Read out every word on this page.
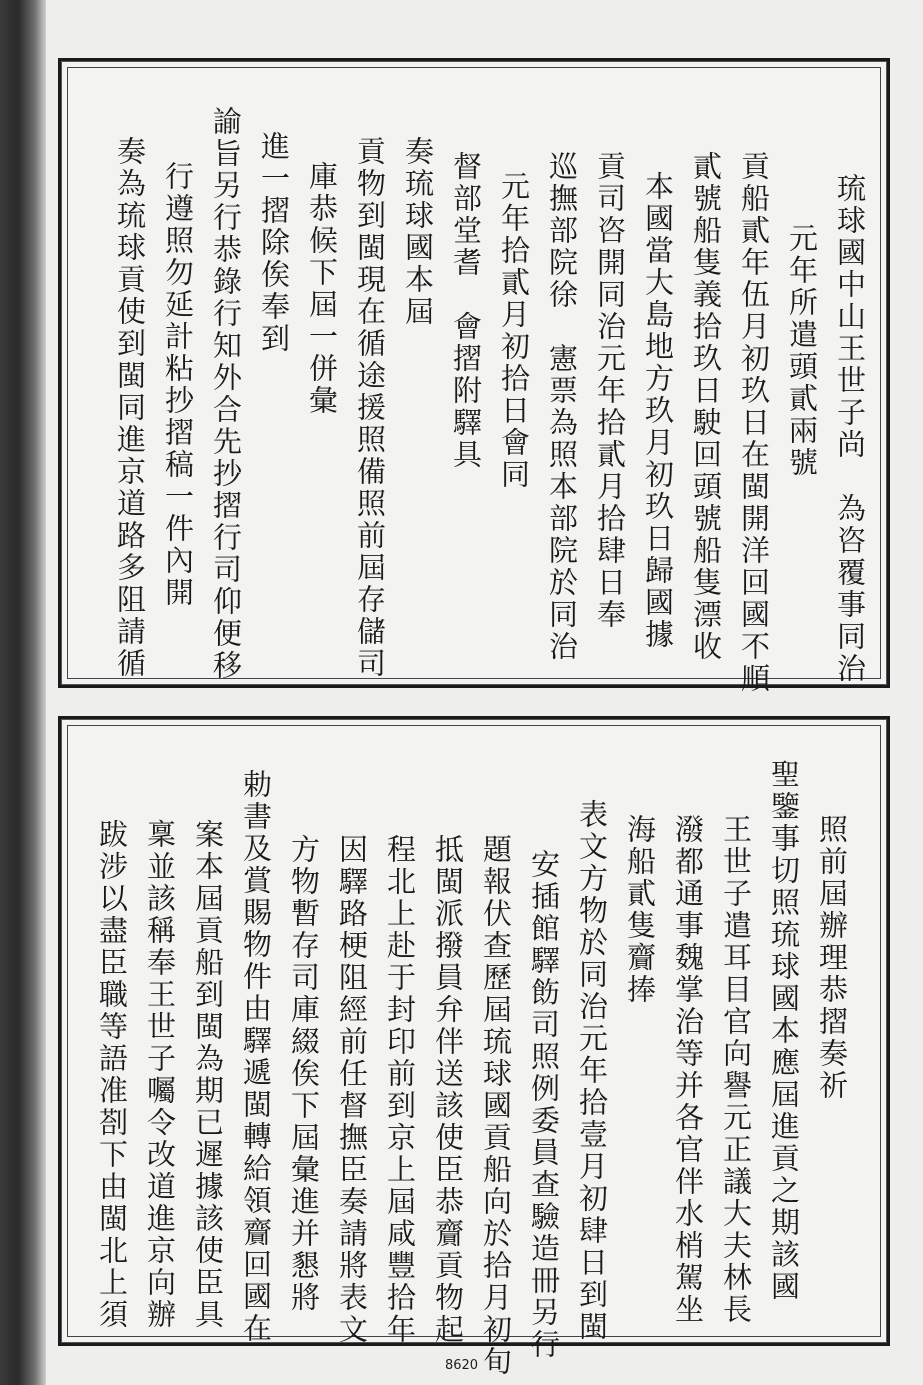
琉球國中山王世子尚　為咨覆事同治
元年所遣頭貳兩號
貢船貳年伍月初玖日在閩開洋回國不順
貳號船隻義拾玖日駛回頭號船隻漂收
本國當大島地方玖月初玖日歸國據
貢司咨開同治元年拾貳月拾肆日奉
巡撫部院徐　憲票為照本部院於同治
元年拾貳月初拾日會同
督部堂耆　會摺附驛具
奏琉球國本屆
貢物到閩現在循途援照備照前屆存儲司
庫恭候下屆一併彙
進一摺除俟奉到
諭旨另行恭錄行知外合先抄摺行司仰便移
行遵照勿延計粘抄摺稿一件內開
奏為琉球貢使到閩同進京道路多阻請循
照前屆辦理恭摺奏祈
聖鑒事切照琉球國本應屆進貢之期該國
王世子遣耳目官向譽元正議大夫林長
潑都通事魏掌治等并各官伴水梢駕坐
海船貳隻齎捧
表文方物於同治元年拾壹月初肆日到閩
安插館驛飭司照例委員查驗造冊另行
題報伏查歷屆琉球國貢船向於拾月初旬
抵閩派撥員弁伴送該使臣恭齎貢物起
程北上赴于封印前到京上屆咸豐拾年
因驛路梗阻經前任督撫臣奏請將表文
方物暫存司庫綴俟下屆彙進并懇將
勅書及賞賜物件由驛遞閩轉給領齎回國在
案本屆貢船到閩為期已遲據該使臣具
稟並該稱奉王世子囑令改道進京向辦
跋涉以盡臣職等語准剳下由閩北上須
8620
